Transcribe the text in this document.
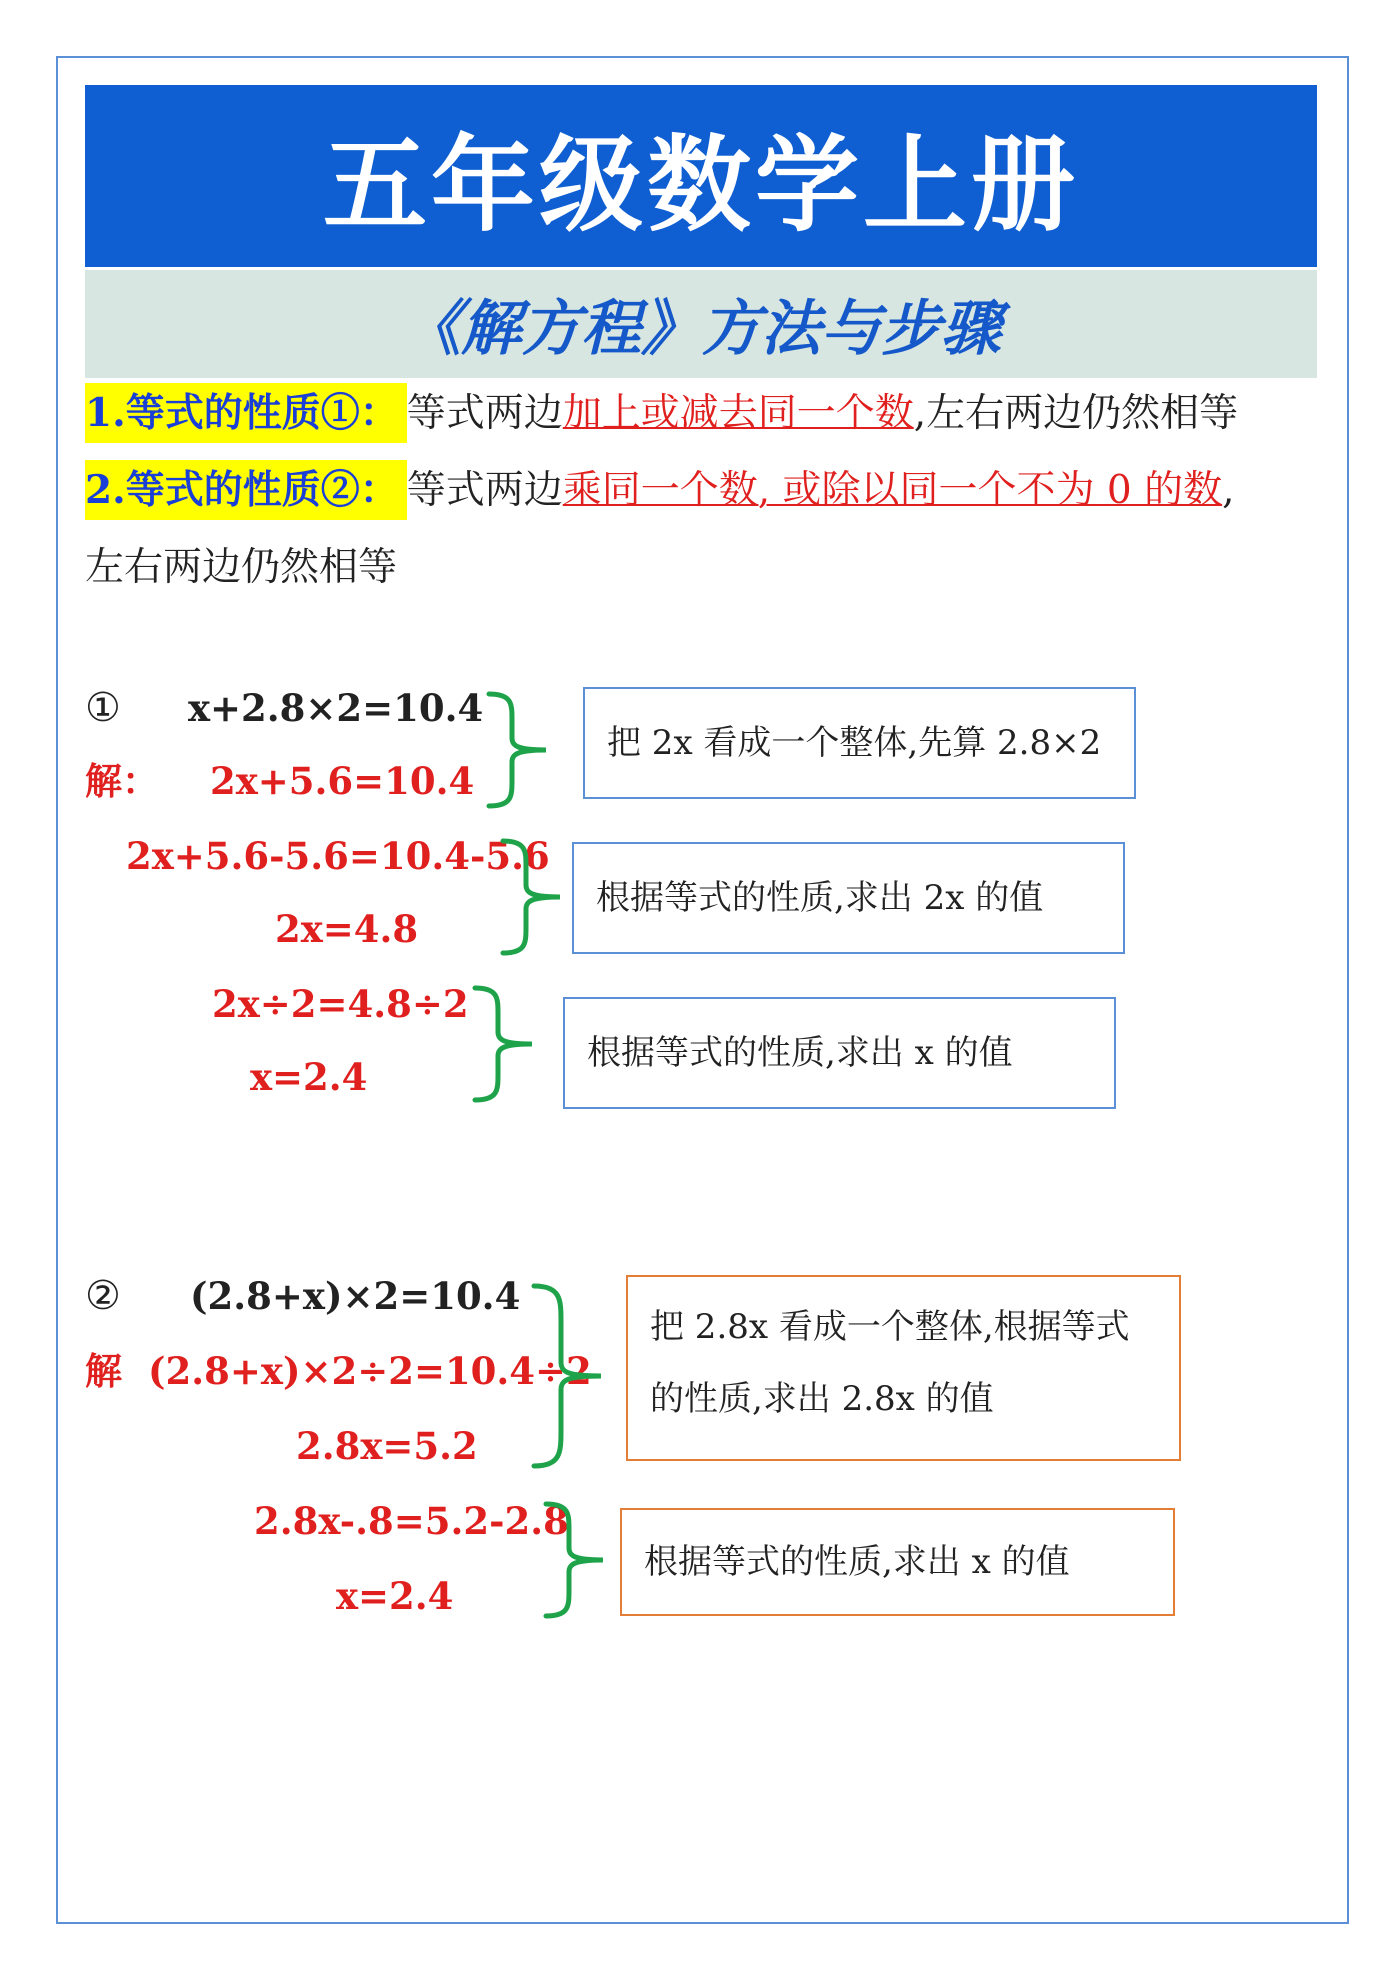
五年级数学上册
《解方程》方法与步骤
1.等式的性质①： 等式两边加上或减去同一个数,左右两边仍然相等
2.等式的性质②： 等式两边乘同一个数, 或除以同一个不为 0 的数,
左右两边仍然相等
① x+2.8×2=10.4
解： 2x+5.6=10.4
2x+5.6-5.6=10.4-5.6
2x=4.8
2x÷2=4.8÷2
x=2.4
把 2x 看成一个整体,先算 2.8×2
根据等式的性质,求出 2x 的值
根据等式的性质,求出 x 的值
② (2.8+x)×2=10.4
解 (2.8+x)×2÷2=10.4÷2
2.8x=5.2
2.8x-.8=5.2-2.8
x=2.4
把 2.8x 看成一个整体,根据等式的性质,求出 2.8x 的值
根据等式的性质,求出 x 的值
